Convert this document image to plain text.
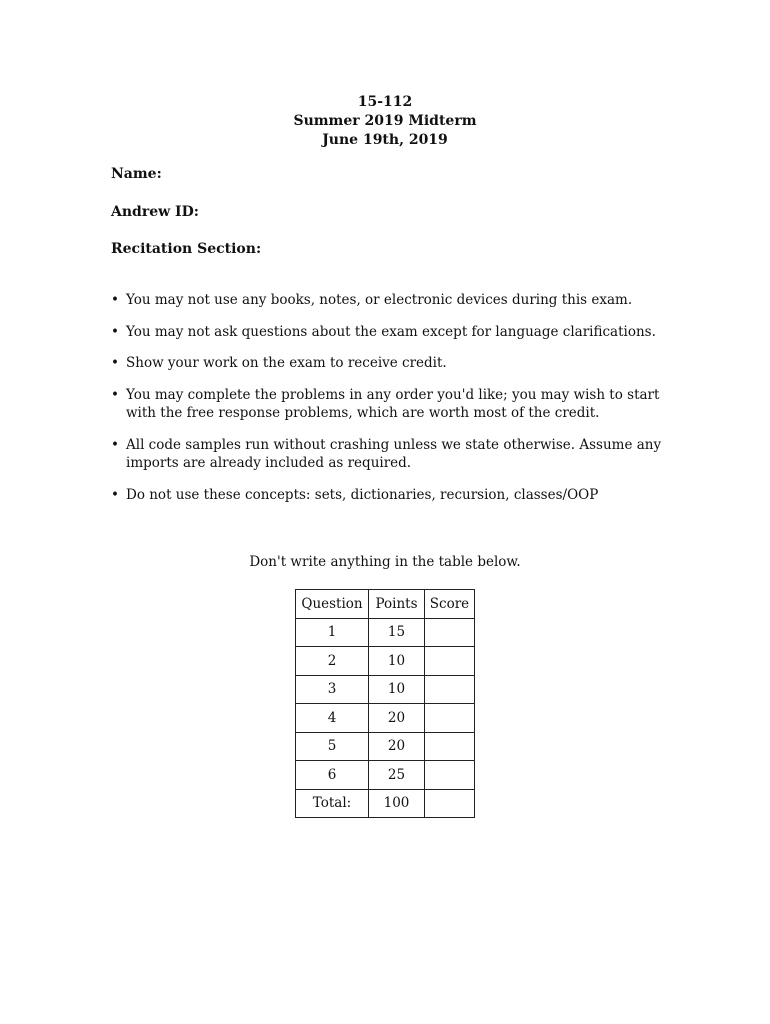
15-112
Summer 2019 Midterm
June 19th, 2019
Name:
Andrew ID:
Recitation Section:
• You may not use any books, notes, or electronic devices during this exam.
• You may not ask questions about the exam except for language clarifications.
• Show your work on the exam to receive credit.
• You may complete the problems in any order you'd like; you may wish to start with the free response problems, which are worth most of the credit.
• All code samples run without crashing unless we state otherwise. Assume any imports are already included as required.
• Do not use these concepts: sets, dictionaries, recursion, classes/OOP
Don't write anything in the table below.
Question	Points	Score
1	15	
2	10	
3	10	
4	20	
5	20	
6	25	
Total:	100	
